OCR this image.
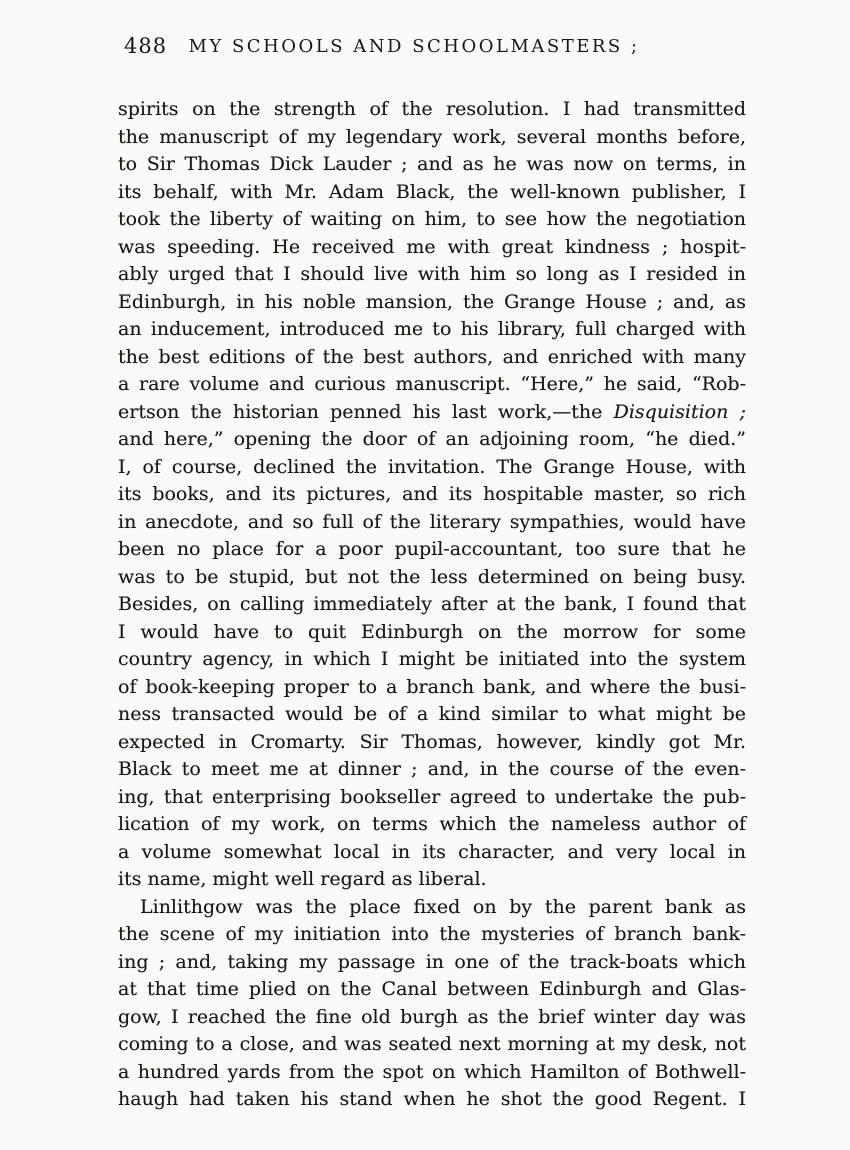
488	MY SCHOOLS AND SCHOOLMASTERS ;
spirits on the strength of the resolution. I had transmitted
the manuscript of my legendary work, several months before,
to Sir Thomas Dick Lauder ; and as he was now on terms, in
its behalf, with Mr. Adam Black, the well-known publisher, I
took the liberty of waiting on him, to see how the negotiation
was speeding. He received me with great kindness ; hospit-
ably urged that I should live with him so long as I resided in
Edinburgh, in his noble mansion, the Grange House ; and, as
an inducement, introduced me to his library, full charged with
the best editions of the best authors, and enriched with many
a rare volume and curious manuscript. “Here,” he said, “Rob-
ertson the historian penned his last work,—the Disquisition ;
and here,” opening the door of an adjoining room, “he died.”
I, of course, declined the invitation. The Grange House, with
its books, and its pictures, and its hospitable master, so rich
in anecdote, and so full of the literary sympathies, would have
been no place for a poor pupil-accountant, too sure that he
was to be stupid, but not the less determined on being busy.
Besides, on calling immediately after at the bank, I found that
I would have to quit Edinburgh on the morrow for some
country agency, in which I might be initiated into the system
of book-keeping proper to a branch bank, and where the busi-
ness transacted would be of a kind similar to what might be
expected in Cromarty. Sir Thomas, however, kindly got Mr.
Black to meet me at dinner ; and, in the course of the even-
ing, that enterprising bookseller agreed to undertake the pub-
lication of my work, on terms which the nameless author of
a volume somewhat local in its character, and very local in
its name, might well regard as liberal.
Linlithgow was the place fixed on by the parent bank as
the scene of my initiation into the mysteries of branch bank-
ing ; and, taking my passage in one of the track-boats which
at that time plied on the Canal between Edinburgh and Glas-
gow, I reached the fine old burgh as the brief winter day was
coming to a close, and was seated next morning at my desk, not
a hundred yards from the spot on which Hamilton of Bothwell-
haugh had taken his stand when he shot the good Regent. I
